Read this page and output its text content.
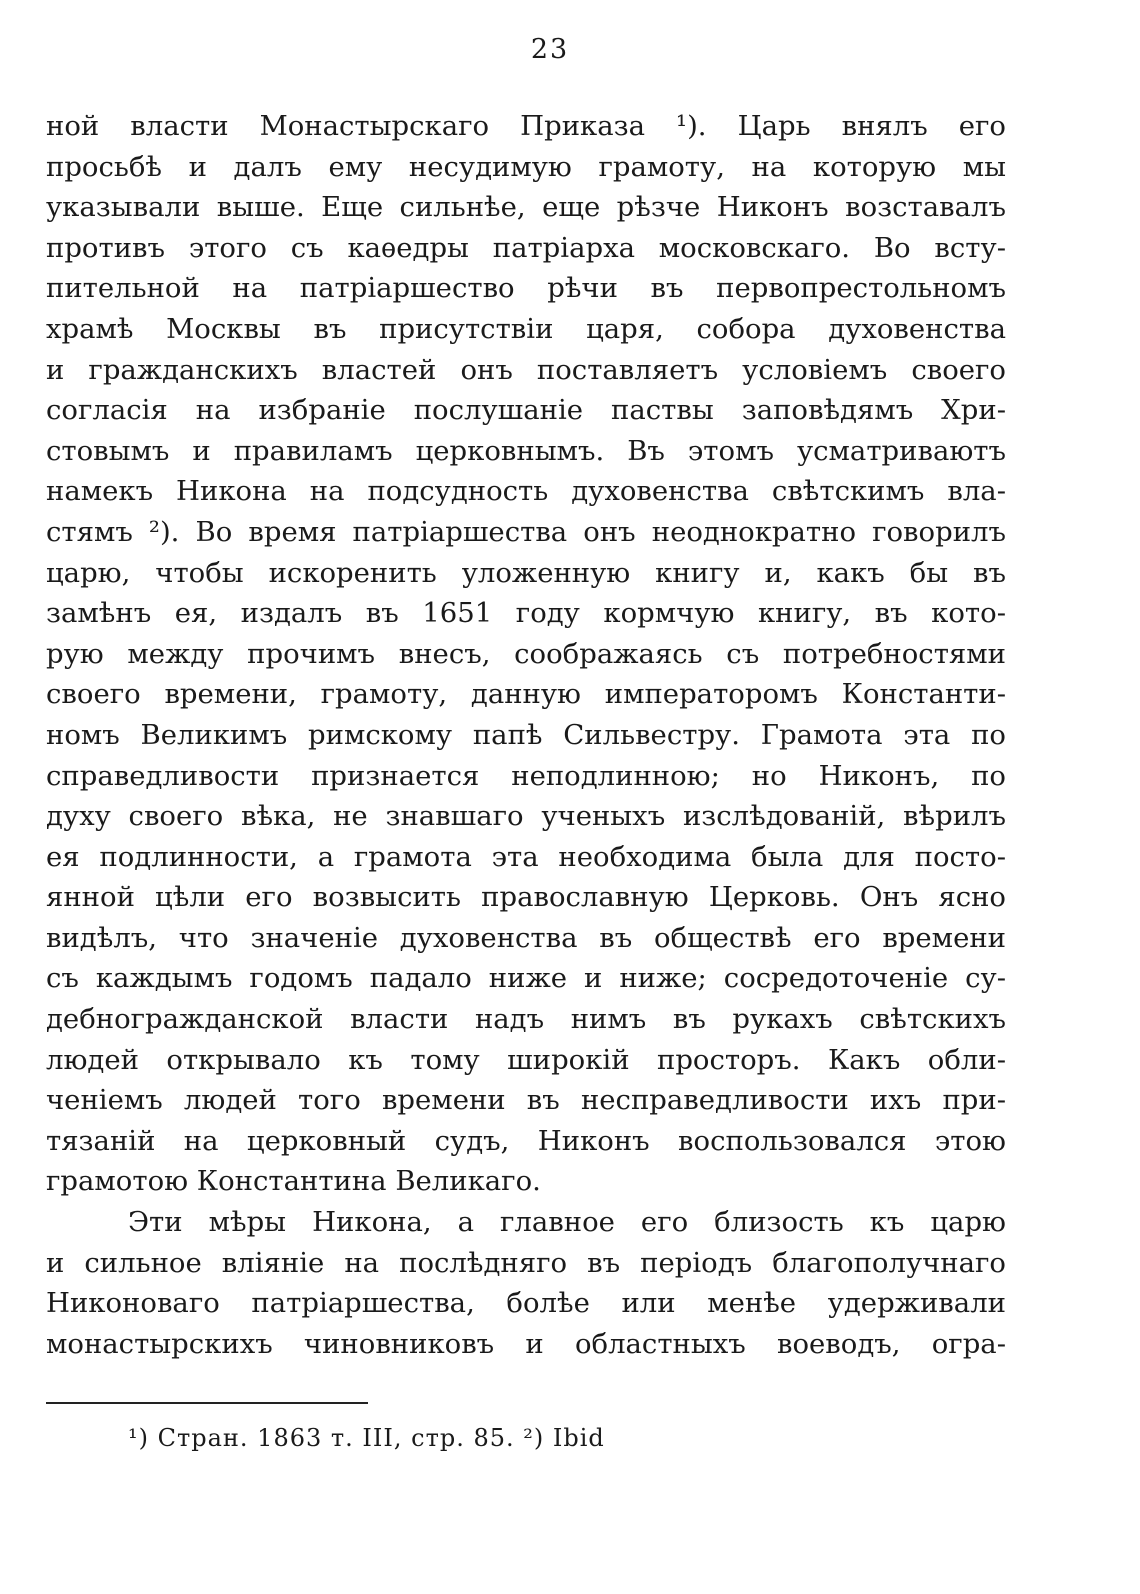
23
ной власти Монастырскаго Приказа ¹). Царь внялъ его
просьбѣ и далъ ему несудимую грамоту, на которую мы
указывали выше. Еще сильнѣе, еще рѣзче Никонъ возставалъ
противъ этого съ каѳедры патріарха московскаго. Во всту-
пительной на патріаршество рѣчи въ первопрестольномъ
храмѣ Москвы въ присутствіи царя, собора духовенства
и гражданскихъ властей онъ поставляетъ условіемъ своего
согласія на избраніе послушаніе паствы заповѣдямъ Хри-
стовымъ и правиламъ церковнымъ. Въ этомъ усматриваютъ
намекъ Никона на подсудность духовенства свѣтскимъ вла-
стямъ ²). Во время патріаршества онъ неоднократно говорилъ
царю, чтобы искоренить уложенную книгу и, какъ бы въ
замѣнъ ея, издалъ въ 1651 году кормчую книгу, въ кото-
рую между прочимъ внесъ, соображаясь съ потребностями
своего времени, грамоту, данную императоромъ Константи-
номъ Великимъ римскому папѣ Сильвестру. Грамота эта по
справедливости признается неподлинною; но Никонъ, по
духу своего вѣка, не знавшаго ученыхъ изслѣдованій, вѣрилъ
ея подлинности, а грамота эта необходима была для посто-
янной цѣли его возвысить православную Церковь. Онъ ясно
видѣлъ, что значеніе духовенства въ обществѣ его времени
съ каждымъ годомъ падало ниже и ниже; сосредоточеніе су-
дебногражданской власти надъ нимъ въ рукахъ свѣтскихъ
людей открывало къ тому широкій просторъ. Какъ обли-
ченіемъ людей того времени въ несправедливости ихъ при-
тязаній на церковный судъ, Никонъ воспользовался этою
грамотою Константина Великаго.
Эти мѣры Никона, а главное его близость къ царю
и сильное вліяніе на послѣдняго въ періодъ благополучнаго
Никоноваго патріаршества, болѣе или менѣе удерживали
монастырскихъ чиновниковъ и областныхъ воеводъ, огра-
¹) Стран. 1863 т. III, стр. 85. ²) Ibid
